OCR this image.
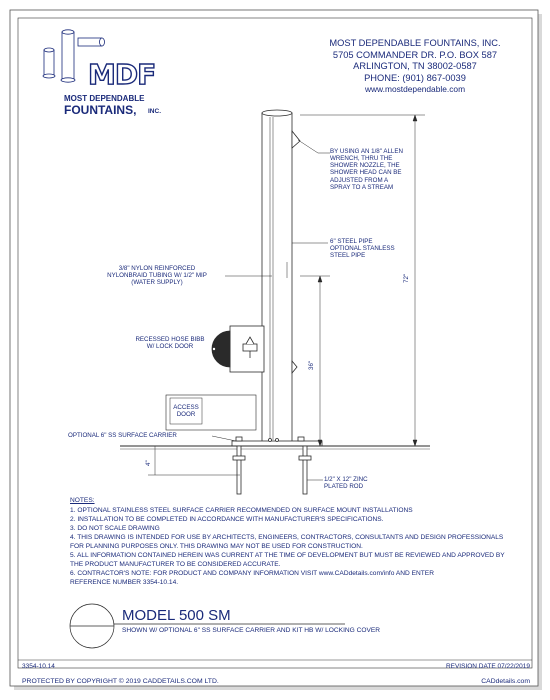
MDF
MOST DEPENDABLE
FOUNTAINS, INC.
MOST DEPENDABLE FOUNTAINS, INC.
5705 COMMANDER DR. P.O. BOX 587
ARLINGTON, TN 38002-0587
PHONE: (901) 867-0039
www.mostdependable.com
BY USING AN 1/8" ALLEN
WRENCH, THRU THE
SHOWER NOZZLE, THE
SHOWER HEAD CAN BE
ADJUSTED FROM A
SPRAY TO A STREAM
6" STEEL PIPE
OPTIONAL STANLESS
STEEL PIPE
3/8" NYLON REINFORCED
NYLONBRAID TUBING W/ 1/2" MIP
(WATER SUPPLY)
RECESSED HOSE BIBB
W/ LOCK DOOR
ACCESS
DOOR
OPTIONAL 6" SS SURFACE CARRIER
1/2" X 12" ZINC
PLATED ROD
72"
36"
4"
NOTES:
1. OPTIONAL STAINLESS STEEL SURFACE CARRIER RECOMMENDED ON SURFACE MOUNT INSTALLATIONS
2. INSTALLATION TO BE COMPLETED IN ACCORDANCE WITH MANUFACTURER'S SPECIFICATIONS.
3. DO NOT SCALE DRAWING
4. THIS DRAWING IS INTENDED FOR USE BY ARCHITECTS, ENGINEERS, CONTRACTORS, CONSULTANTS AND DESIGN PROFESSIONALS
FOR PLANNING PURPOSES ONLY. THIS DRAWING MAY NOT BE USED FOR CONSTRUCTION.
5. ALL INFORMATION CONTAINED HEREIN WAS CURRENT AT THE TIME OF DEVELOPMENT BUT MUST BE REVIEWED AND APPROVED BY
THE PRODUCT MANUFACTURER TO BE CONSIDERED ACCURATE.
6. CONTRACTOR'S NOTE: FOR PRODUCT AND COMPANY INFORMATION VISIT www.CADdetails.com/info AND ENTER
REFERENCE NUMBER 3354-10.14.
MODEL 500 SM
SHOWN W/ OPTIONAL 6" SS SURFACE CARRIER AND KIT HB W/ LOCKING COVER
3354-10.14	REVISION DATE 07/22/2019
PROTECTED BY COPYRIGHT © 2019 CADDETAILS.COM LTD.	CADdetails.com
